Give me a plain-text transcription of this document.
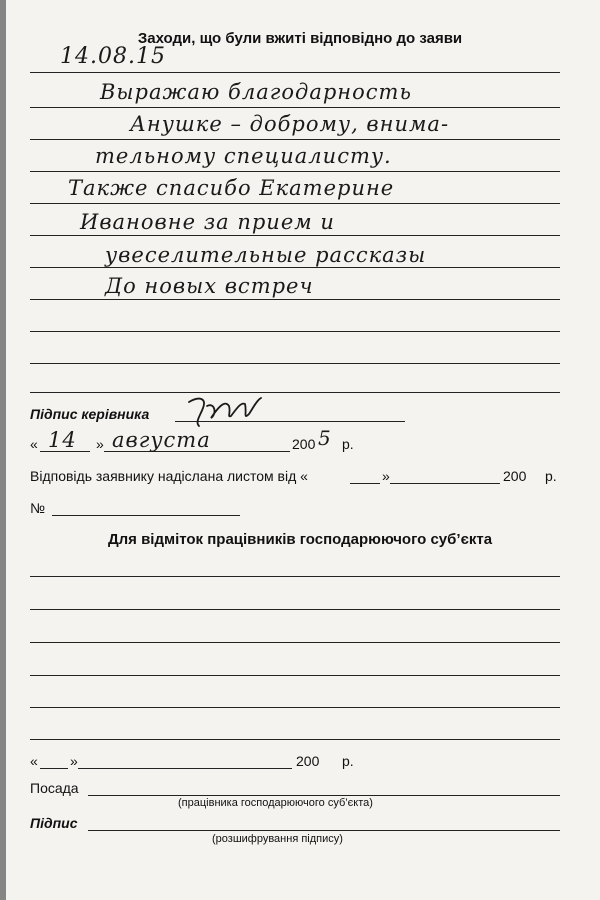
Заходи, що були вжиті відповідно до заяви
14.08.15
Выражаю благодарность
Анушке – доброму, внима-
тельному специалисту.
Также спасибо Екатерине
Ивановне за прием и
увеселительные рассказы
До новых встреч
Підпис керівника
« 14 » августа	200 5 р.
Відповідь заявнику надісланa листом від «	»	200 р.
№
Для відміток працівників господарюючого суб’єкта
« »	200 р.
Посада
(працівника господарюючого суб’єкта)
Підпис
(розшифрування підпису)
